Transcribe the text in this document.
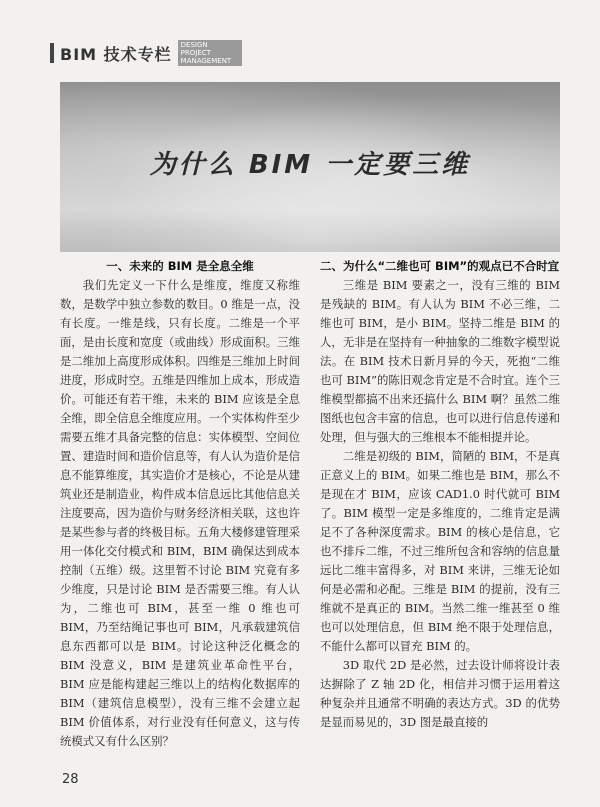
BIM 技术专栏	DESIGN PROJECT MANAGEMENT
为什么 BIM 一定要三维

一、未来的 BIM 是全息全维

我们先定义一下什么是维度，维度又称维数，是数学中独立参数的数目。0 维是一点，没有长度。一维是线，只有长度。二维是一个平面，是由长度和宽度（或曲线）形成面积。三维是二维加上高度形成体积。四维是三维加上时间进度，形成时空。五维是四维加上成本，形成造价。可能还有若干维，未来的 BIM 应该是全息全维，即全信息全维度应用。一个实体构件至少需要五维才具备完整的信息：实体模型、空间位置、建造时间和造价信息等，有人认为造价是信息不能算维度，其实造价才是核心，不论是从建筑业还是制造业，构件成本信息远比其他信息关注度要高，因为造价与财务经济相关联，这也许是某些参与者的终极目标。五角大楼修建管理采用一体化交付模式和 BIM，BIM 确保达到成本控制（五维）级。这里暂不讨论 BIM 究竟有多少维度，只是讨论 BIM 是否需要三维。有人认为，二维也可 BIM，甚至一维 0 维也可 BIM，乃至结绳记事也可 BIM，凡承载建筑信息东西都可以是 BIM。讨论这种泛化概念的 BIM 没意义，BIM 是建筑业革命性平台，BIM 应是能构建起三维以上的结构化数据库的 BIM（建筑信息模型），没有三维不会建立起 BIM 价值体系，对行业没有任何意义，这与传统模式又有什么区别？

二、为什么“二维也可 BIM”的观点已不合时宜

三维是 BIM 要素之一，没有三维的 BIM 是残缺的 BIM。有人认为 BIM 不必三维，二维也可 BIM，是小 BIM。坚持二维是 BIM 的人，无非是在坚持有一种抽象的二维数字模型说法。在 BIM 技术日新月异的今天，死抱“二维也可 BIM”的陈旧观念肯定是不合时宜。连个三维模型都搞不出来还搞什么 BIM 啊？虽然二维图纸也包含丰富的信息，也可以进行信息传递和处理，但与强大的三维根本不能相提并论。

二维是初级的 BIM，简陋的 BIM，不是真正意义上的 BIM。如果二维也是 BIM，那么不是现在才 BIM，应该 CAD1.0 时代就可 BIM 了。BIM 模型一定是多维度的，二维肯定是满足不了各种深度需求。BIM 的核心是信息，它也不排斥二维，不过三维所包含和容纳的信息量远比二维丰富得多，对 BIM 来讲，三维无论如何是必需和必配。三维是 BIM 的提前，没有三维就不是真正的 BIM。当然二维一维甚至 0 维也可以处理信息，但 BIM 绝不限于处理信息，不能什么都可以冒充 BIM 的。

3D 取代 2D 是必然，过去设计师将设计表达摒除了 Z 轴 2D 化，相信并习惯于运用着这种复杂并且通常不明确的表达方式。3D 的优势是显而易见的，3D 图是最直接的

28
